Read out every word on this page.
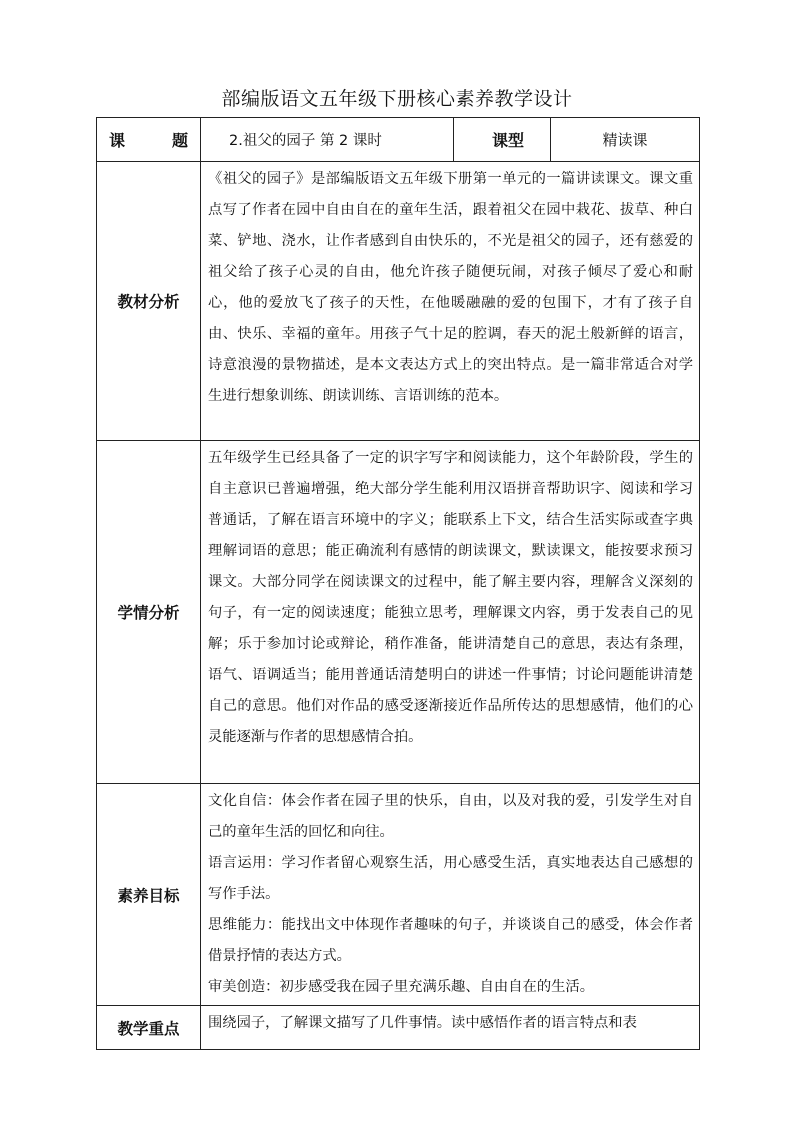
部编版语文五年级下册核心素养教学设计
课 题	2.祖父的园子 第 2 课时	课 型	精读课
教材分析	《祖父的园子》是部编版语文五年级下册第一单元的一篇讲读课文。课文重点写了作者在园中自由自在的童年生活，跟着祖父在园中栽花、拔草、种白菜、铲地、浇水，让作者感到自由快乐的，不光是祖父的园子，还有慈爱的祖父给了孩子心灵的自由，他允许孩子随便玩闹，对孩子倾尽了爱心和耐心，他的爱放飞了孩子的天性，在他暖融融的爱的包围下，才有了孩子自由、快乐、幸福的童年。用孩子气十足的腔调，春天的泥土般新鲜的语言，诗意浪漫的景物描述，是本文表达方式上的突出特点。是一篇非常适合对学生进行想象训练、朗读训练、言语训练的范本。		

学情分析	五年级学生已经具备了一定的识字写字和阅读能力，这个年龄阶段，学生的自主意识已普遍增强，绝大部分学生能利用汉语拼音帮助识字、阅读和学习普通话，了解在语言环境中的字义；能联系上下文，结合生活实际或查字典理解词语的意思；能正确流利有感情的朗读课文，默读课文，能按要求预习课文。大部分同学在阅读课文的过程中，能了解主要内容，理解含义深刻的句子，有一定的阅读速度；能独立思考，理解课文内容，勇于发表自己的见解；乐于参加讨论或辩论，稍作准备，能讲清楚自己的意思，表达有条理，语气、语调适当；能用普通话清楚明白的讲述一件事情；讨论问题能讲清楚自己的意思。他们对作品的感受逐渐接近作品所传达的思想感情，他们的心灵能逐渐与作者的思想感情合拍。		

素养目标	文化自信：体会作者在园子里的快乐，自由，以及对我的爱，引发学生对自己的童年生活的回忆和向往。

语言运用：学习作者留心观察生活，用心感受生活，真实地表达自己感想的写作手法。

思维能力：能找出文中体现作者趣味的句子，并谈谈自己的感受，体会作者借景抒情的表达方式。

审美创造：初步感受我在园子里充满乐趣、自由自在的生活。		

教学重点	围绕园子，了解课文描写了几件事情。读中感悟作者的语言特点和表		
